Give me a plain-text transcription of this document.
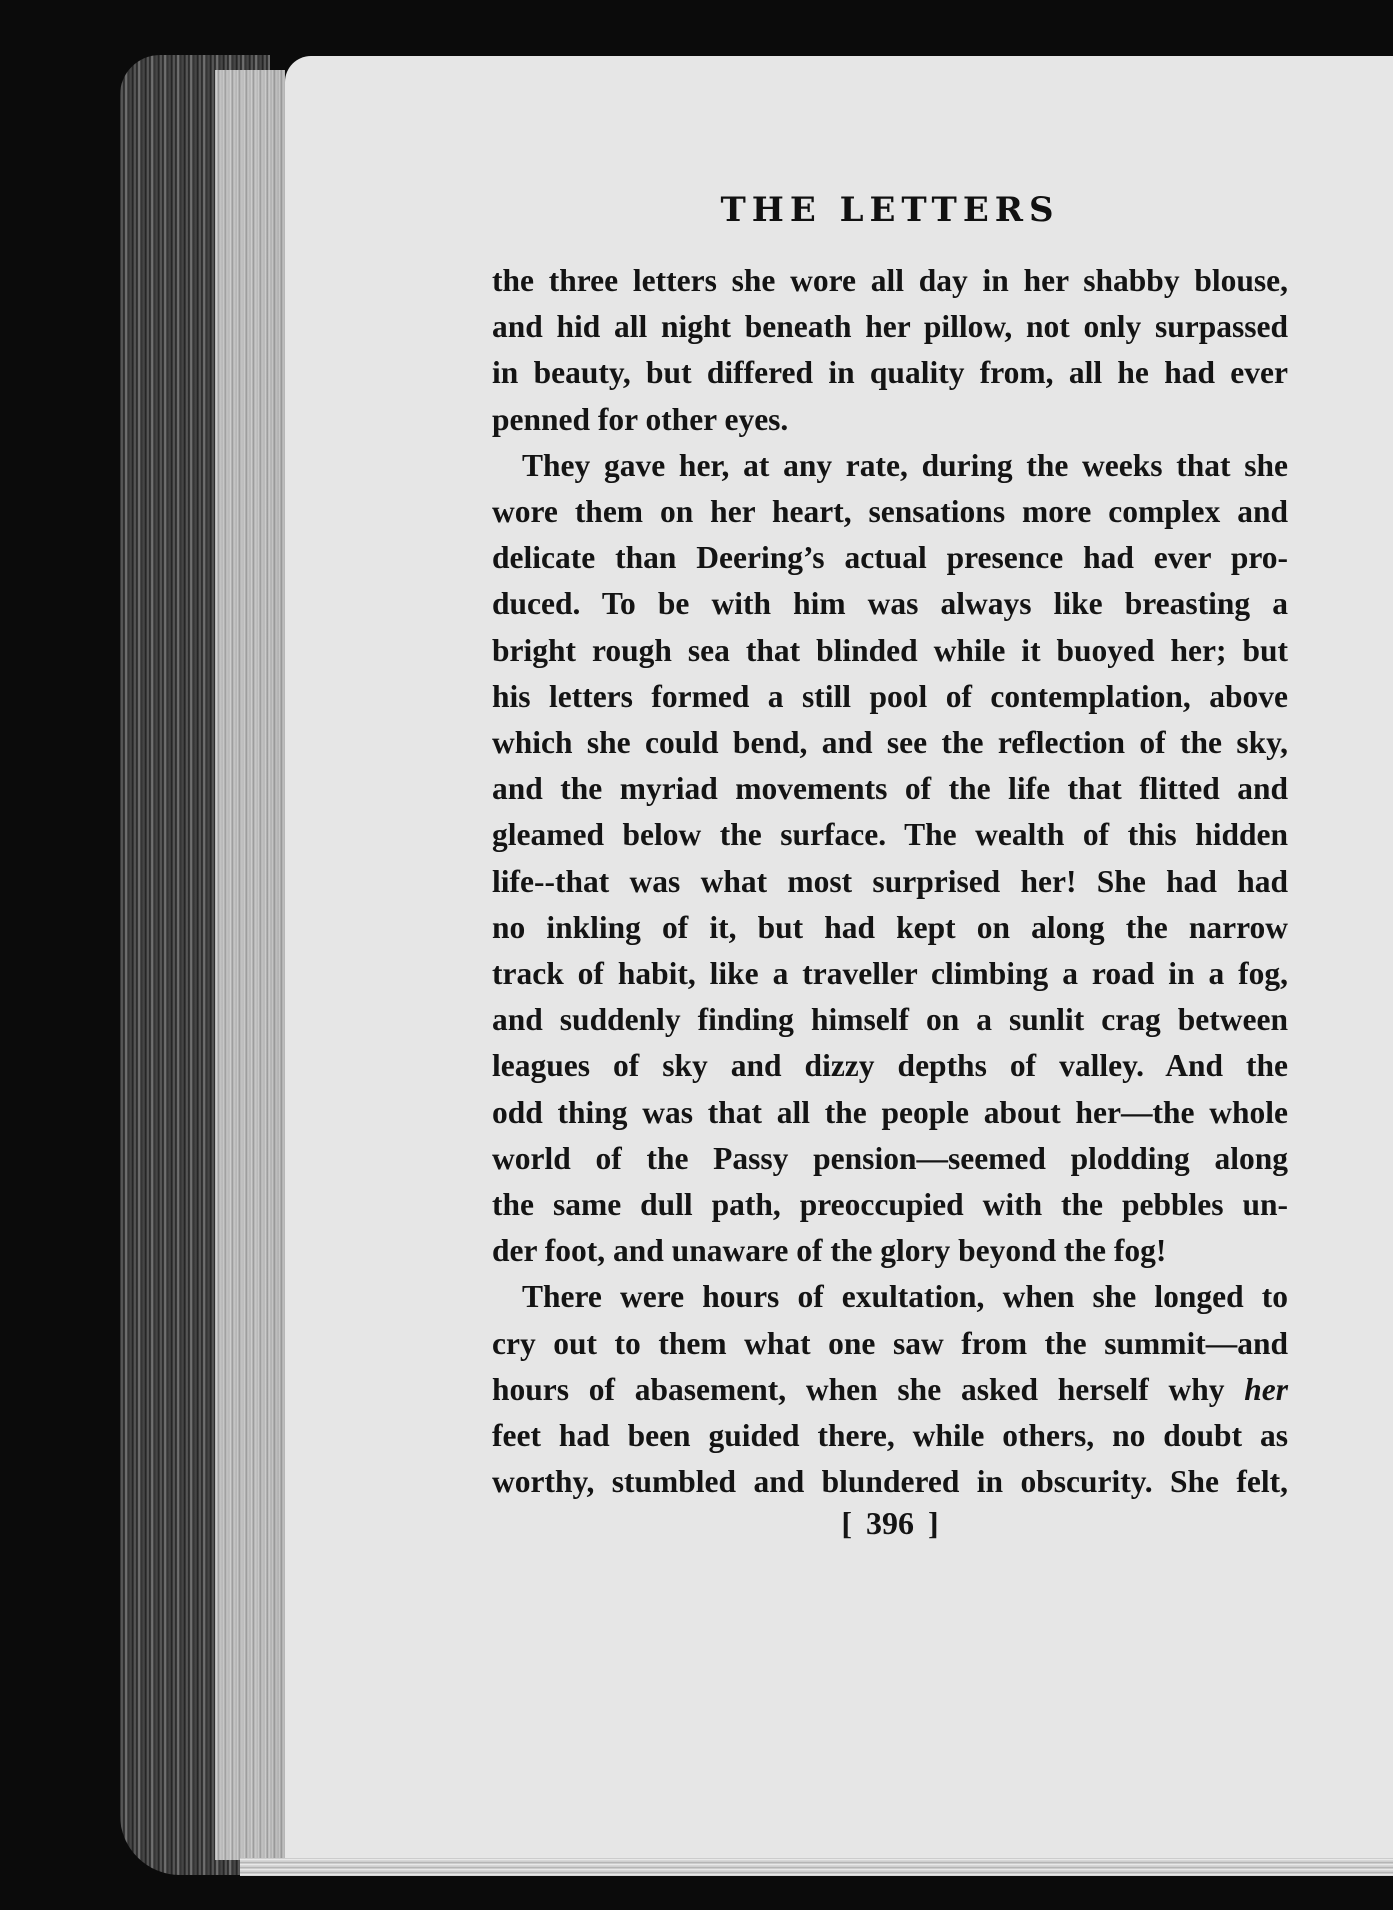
THE LETTERS

the three letters she wore all day in her shabby blouse,

and hid all night beneath her pillow, not only surpassed

in beauty, but differed in quality from, all he had ever

penned for other eyes.

They gave her, at any rate, during the weeks that she

wore them on her heart, sensations more complex and

delicate than Deering’s actual presence had ever pro-

duced. To be with him was always like breasting a

bright rough sea that blinded while it buoyed her; but

his letters formed a still pool of contemplation, above

which she could bend, and see the reflection of the sky,

and the myriad movements of the life that flitted and

gleamed below the surface. The wealth of this hidden

life--that was what most surprised her! She had had

no inkling of it, but had kept on along the narrow

track of habit, like a traveller climbing a road in a fog,

and suddenly finding himself on a sunlit crag between

leagues of sky and dizzy depths of valley. And the

odd thing was that all the people about her—the whole

world of the Passy pension—seemed plodding along

the same dull path, preoccupied with the pebbles un-

der foot, and unaware of the glory beyond the fog!

There were hours of exultation, when she longed to

cry out to them what one saw from the summit—and

hours of abasement, when she asked herself why her

feet had been guided there, while others, no doubt as

worthy, stumbled and blundered in obscurity. She felt,

[ 396 ]
